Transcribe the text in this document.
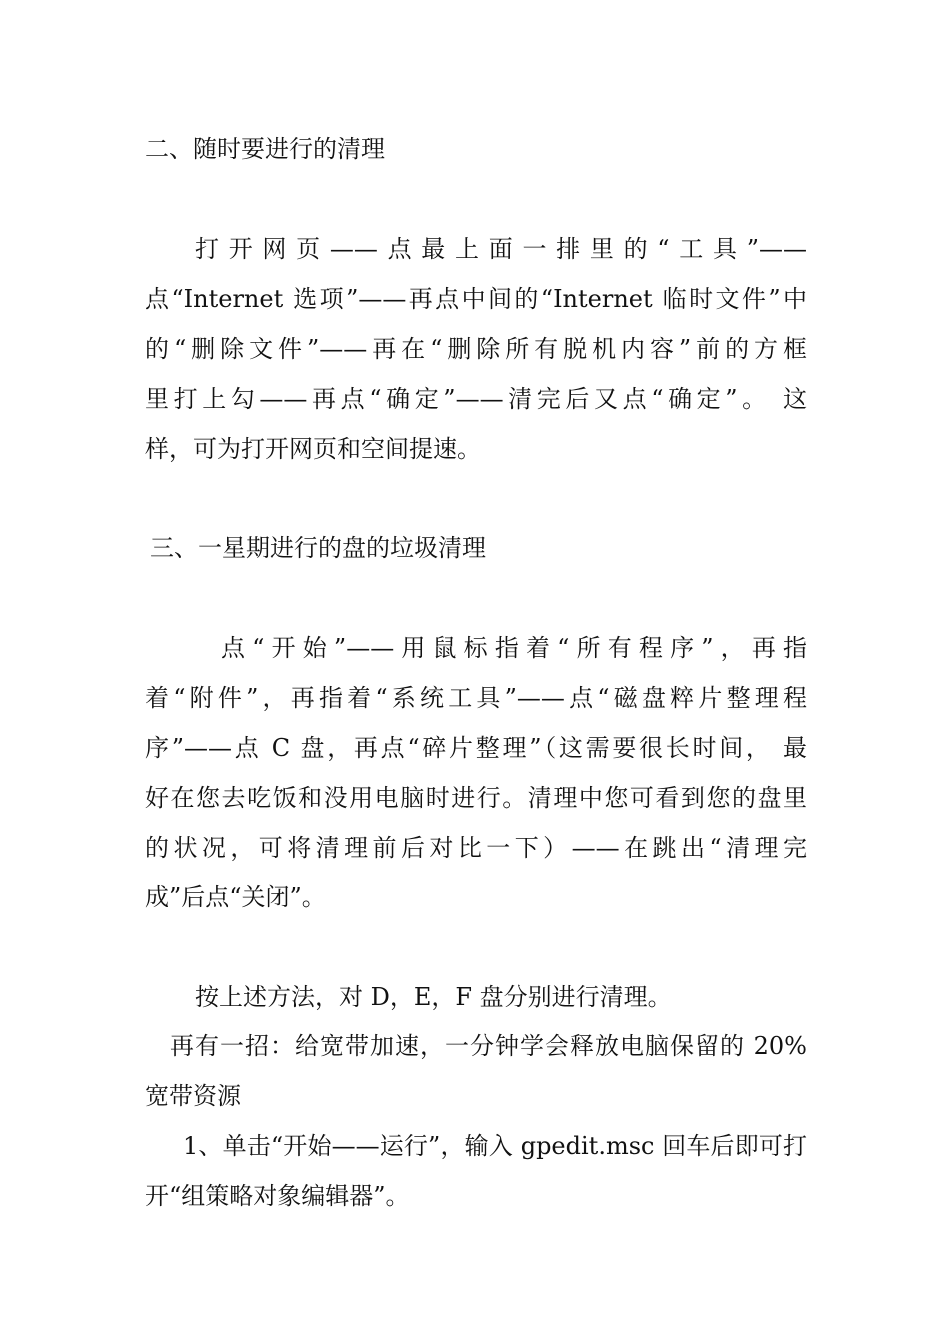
二、随时要进行的清理
打开网页——点最上面一排里的“工具”——
点“Internet 选项”——再点中间的“Internet 临时文件”中
的“删除文件”——再在“删除所有脱机内容”前的方框
里打上勾——再点“确定”——清完后又点“确定”。 这
样，可为打开网页和空间提速。
三、一星期进行的盘的垃圾清理
点“开始”——用鼠标指着“所有程序”，再指
着“附件”，再指着“系统工具”——点“磁盘粹片整理程
序”——点 C 盘，再点“碎片整理”（这需要很长时间， 最
好在您去吃饭和没用电脑时进行。清理中您可看到您的盘里
的状况，可将清理前后对比一下）——在跳出“清理完
成”后点“关闭”。
按上述方法，对 D，E，F 盘分别进行清理。
再有一招：给宽带加速，一分钟学会释放电脑保留的 20%
宽带资源
1、单击“开始——运行”，输入 gpedit.msc 回车后即可打
开“组策略对象编辑器”。
